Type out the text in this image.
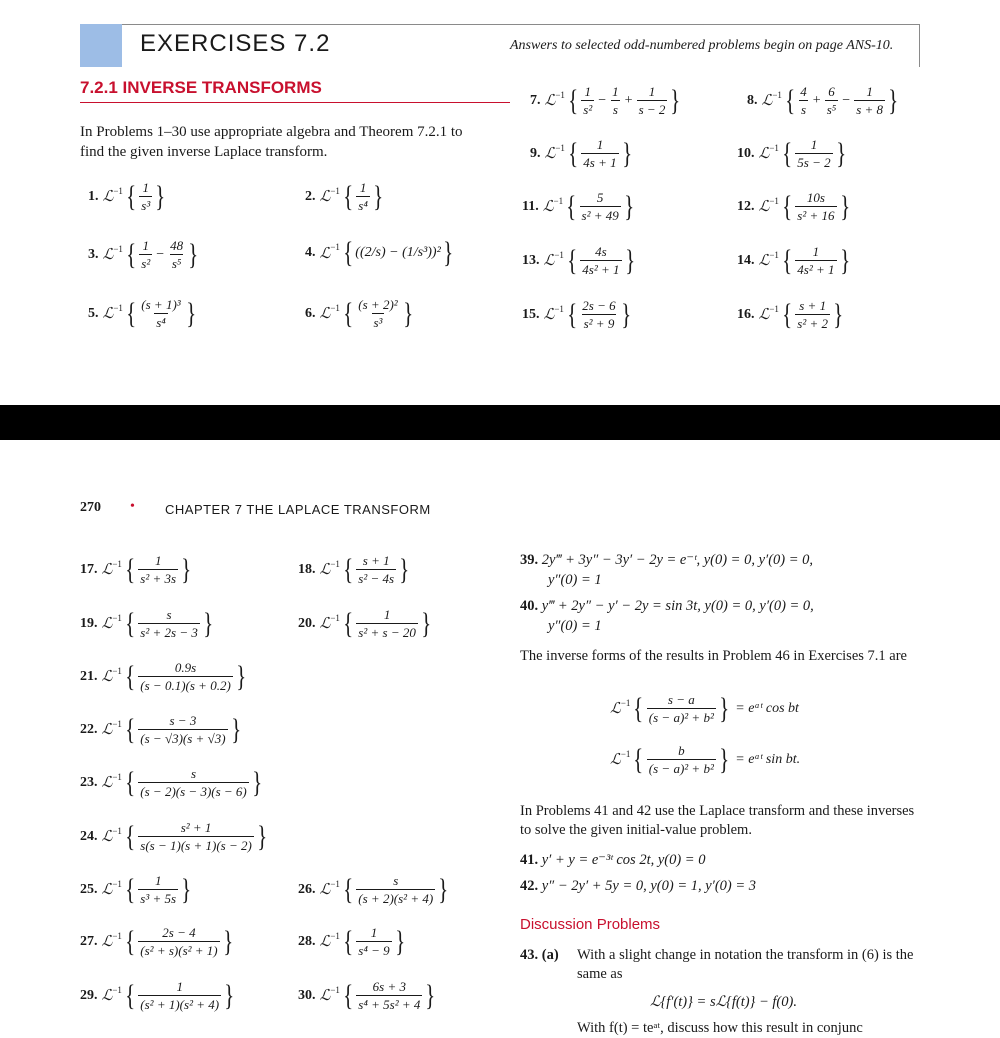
EXERCISES 7.2	Answers to selected odd-numbered problems begin on page ANS-10.
7.2.1 INVERSE TRANSFORMS
In Problems 1–30 use appropriate algebra and Theorem 7.2.1 to find the given inverse Laplace transform.
270 • CHAPTER 7 THE LAPLACE TRANSFORM
1. ℒ −1 { $\frac{1}{\text{s³}}$ }	2. ℒ −1 { $\frac{1}{\text{s⁴}}$ }
3. ℒ −1 { $\frac{1}{\text{s²}} - \frac{48}{\text{s⁵}}$ }	4. ℒ −1 { ((2/s) − (1/s³))² }
5. ℒ −1 { $\frac{\text{(s + 1)³}}{\text{s⁴}}$ }	6. ℒ −1 { $\frac{\text{(s + 2)²}}{\text{s³}}$ }
7. ℒ −1 { $\frac{1}{\text{s²}} - \frac{1}{s} + \frac{1}{s - 2}$ }	8. ℒ −1 { $\frac{4}{s} + \frac{6}{\text{s⁵}} - \frac{1}{s + 8}$ }
9. ℒ −1 { $\frac{1}{4s + 1}$ }	10. ℒ −1 { $\frac{1}{5s - 2}$ }
11. ℒ −1 { $\frac{5}{\text{s² + 49}}$ }	12. ℒ −1 { $\frac{10s}{\text{s² + 16}}$ }
13. ℒ −1 { $\frac{4s}{\text{4s² + 1}}$ }	14. ℒ −1 { $\frac{1}{\text{4s² + 1}}$ }
15. ℒ −1 { $\frac{2s - 6}{\text{s² + 9}}$ }	16. ℒ −1 { $\frac{s + 1}{\text{s² + 2}}$ }
17. ℒ −1 { $\frac{1}{\text{s² + 3s}}$ }	18. ℒ −1 { $\frac{s + 1}{\text{s² − 4s}}$ }
19. ℒ −1 { $\frac{s}{\text{s² + 2s − 3}}$ }	20. ℒ −1 { $\frac{1}{\text{s² + s − 20}}$ }
21. ℒ −1 { $\frac{0.9s}{(s - 0.1)(s + 0.2)}$ }
22. ℒ −1 { $\frac{s - 3}{(s - √3)(s + √3)}$ }
23. ℒ −1 { $\frac{s}{(s - 2)(s - 3)(s - 6)}$ }
24. ℒ −1 { $\frac{\text{s² + 1}}{s(s - 1)(s + 1)(s - 2)}$ }
25. ℒ −1 { $\frac{1}{\text{s³ + 5s}}$ }	26. ℒ −1 { $\frac{s}{\text{(s + 2)(s² + 4)}}$ }
27. ℒ −1 { $\frac{2s - 4}{\text{(s² + s)(s² + 1)}}$ }	28. ℒ −1 { $\frac{1}{\text{s⁴ − 9}}$ }
29. ℒ −1 { $\frac{1}{\text{(s² + 1)(s² + 4)}}$ }	30. ℒ −1 { $\frac{6s + 3}{\text{s⁴ + 5s² + 4}}$ }
39. 2y‴ + 3y″ − 3y′ − 2y = e⁻ᵗ, y(0) = 0, y′(0) = 0,
y″(0) = 1
40. y‴ + 2y″ − y′ − 2y = sin 3t, y(0) = 0, y′(0) = 0,
y″(0) = 1
The inverse forms of the results in Problem 46 in Exercises 7.1 are
ℒ −1 { $\frac{s - a}{\text{(s − a)² + b²}}$ } = eᵃᵗ cos bt
ℒ −1 { $\frac{b}{\text{(s − a)² + b²}}$ } = eᵃᵗ sin bt.
In Problems 41 and 42 use the Laplace transform and these inverses to solve the given initial-value problem.
41. y′ + y = e⁻³ᵗ cos 2t, y(0) = 0
42. y″ − 2y′ + 5y = 0, y(0) = 1, y′(0) = 3
Discussion Problems
43. (a) With a slight change in notation the transform in (6) is the same as
ℒ{f′(t)} = sℒ{f(t)} − f(0).
With f(t) = teᵃᵗ, discuss how this result in conjunc
